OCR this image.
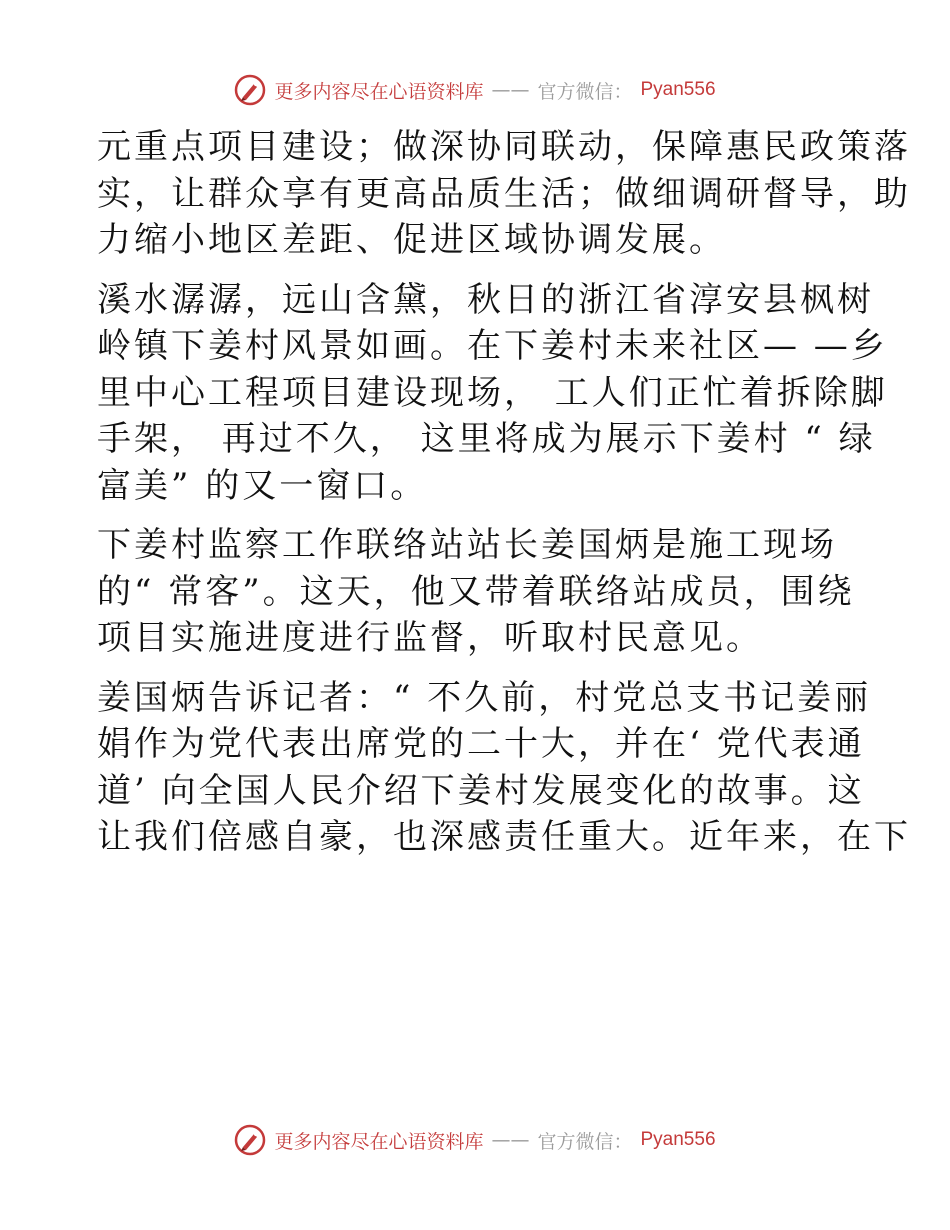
更多内容尽在心语资料库 —— 官方微信： Pyan556

元重点项目建设；做深协同联动，保障惠民政策落
实，让群众享有更高品质生活；做细调研督导，助
力缩小地区差距、促进区域协调发展。

溪水潺潺，远山含黛，秋日的浙江省淳安县枫树
岭镇下姜村风景如画。在下姜村未来社区— —乡
里中心工程项目建设现场， 工人们正忙着拆除脚
手架， 再过不久， 这里将成为展示下姜村 “ 绿
富美” 的又一窗口。

下姜村监察工作联络站站长姜国炳是施工现场
的“ 常客”。这天，他又带着联络站成员，围绕
项目实施进度进行监督，听取村民意见。

姜国炳告诉记者：“ 不久前，村党总支书记姜丽
娟作为党代表出席党的二十大，并在‘ 党代表通
道’ 向全国人民介绍下姜村发展变化的故事。这
让我们倍感自豪，也深感责任重大。近年来，在下

更多内容尽在心语资料库 —— 官方微信： Pyan556
